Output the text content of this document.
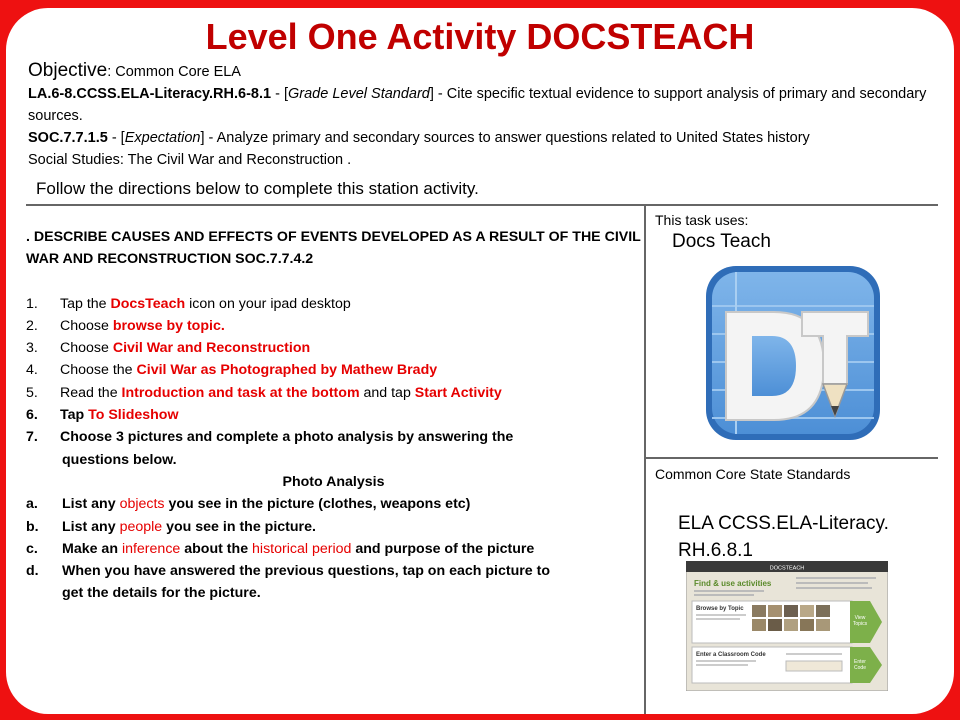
Level One Activity DOCSTEACH

Objective: Common Core ELA

LA.6-8.CCSS.ELA-Literacy.RH.6-8.1 - [Grade Level Standard] - Cite specific textual evidence to support analysis of primary and secondary sources.

SOC.7.7.1.5 - [Expectation] - Analyze primary and secondary sources to answer questions related to United States history

Social Studies: The Civil War and Reconstruction .

Follow the directions below to complete this station activity.
. DESCRIBE CAUSES AND EFFECTS OF EVENTS DEVELOPED AS A RESULT OF THE CIVIL WAR AND RECONSTRUCTION SOC.7.7.4.2
1.	Tap the DocsTeach icon on your ipad desktop
2.	Choose browse by topic.
3.	Choose Civil War and Reconstruction
4.	Choose the Civil War as Photographed by Mathew Brady
5.	Read the Introduction and task at the bottom and tap Start Activity
6.	Tap To Slideshow
7.	Choose 3 pictures and complete a photo analysis by answering the
questions below.
Photo Analysis
a.	List any objects you see in the picture (clothes, weapons etc)
b.	List any people you see in the picture.
c.	Make an inference about the historical period and purpose of the picture
d.	When you have answered the previous questions, tap on each picture to
get the details for the picture.
This task uses:
Docs Teach
Common Core State Standards
ELA CCSS.ELA-Literacy.
RH.6.8.1
DOCSTEACH
Find & use activities
Browse by Topic
View
Topics
Enter a Classroom Code
Enter
Code
